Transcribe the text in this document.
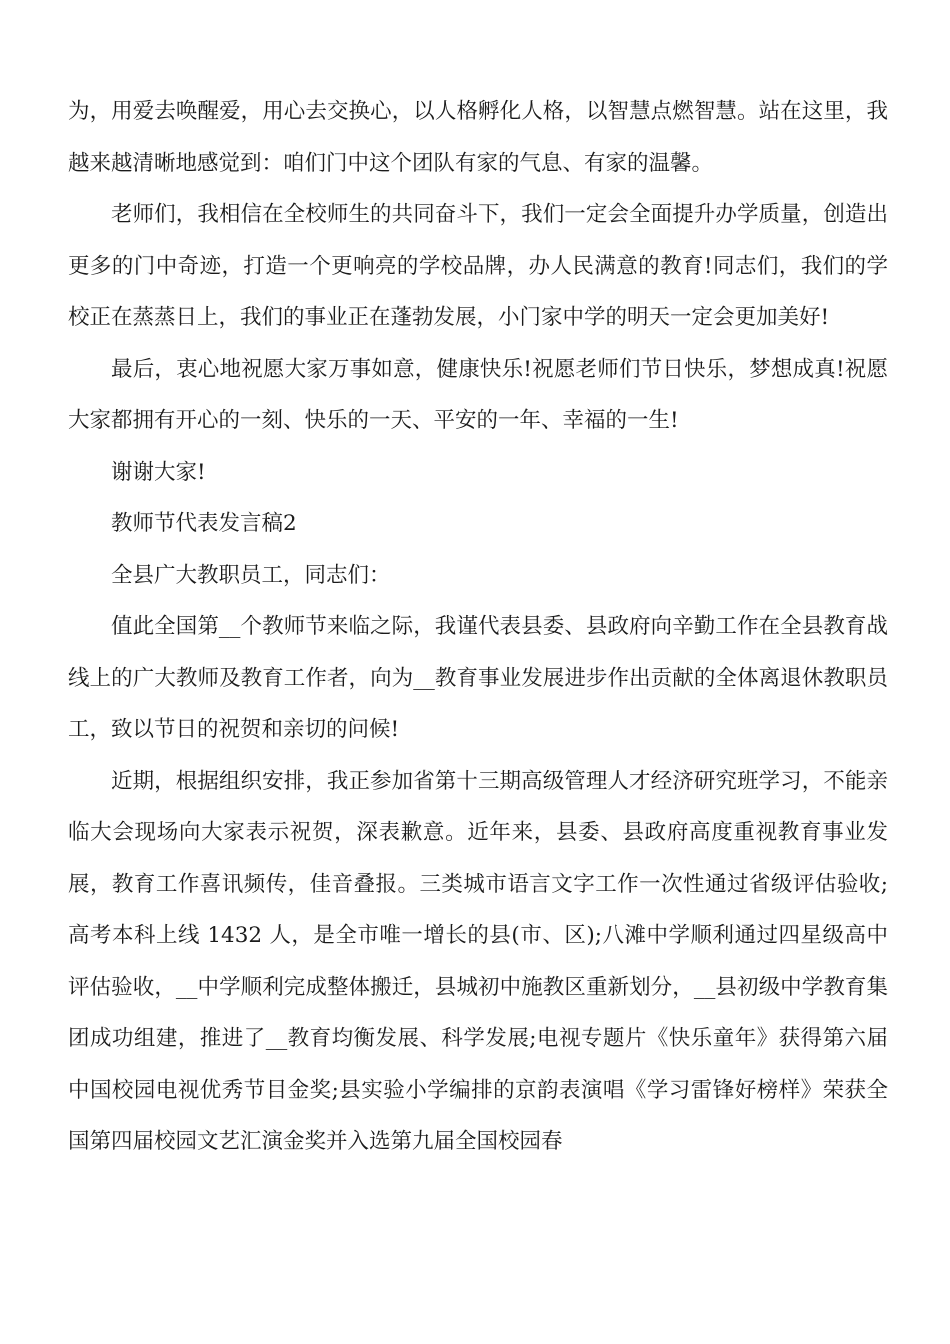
为，用爱去唤醒爱，用心去交换心，以人格孵化人格，以智慧点燃智慧。站在这里，我越来越清晰地感觉到：咱们门中这个团队有家的气息、有家的温馨。

老师们，我相信在全校师生的共同奋斗下，我们一定会全面提升办学质量，创造出更多的门中奇迹，打造一个更响亮的学校品牌，办人民满意的教育!同志们，我们的学校正在蒸蒸日上，我们的事业正在蓬勃发展，小门家中学的明天一定会更加美好!

最后，衷心地祝愿大家万事如意，健康快乐!祝愿老师们节日快乐，梦想成真!祝愿大家都拥有开心的一刻、快乐的一天、平安的一年、幸福的一生!

谢谢大家!

教师节代表发言稿2

全县广大教职员工，同志们：

值此全国第__个教师节来临之际，我谨代表县委、县政府向辛勤工作在全县教育战线上的广大教师及教育工作者，向为__教育事业发展进步作出贡献的全体离退休教职员工，致以节日的祝贺和亲切的问候!

近期，根据组织安排，我正参加省第十三期高级管理人才经济研究班学习，不能亲临大会现场向大家表示祝贺，深表歉意。近年来，县委、县政府高度重视教育事业发展，教育工作喜讯频传，佳音叠报。三类城市语言文字工作一次性通过省级评估验收;高考本科上线 1432 人，是全市唯一增长的县(市、区);八滩中学顺利通过四星级高中评估验收，__中学顺利完成整体搬迁，县城初中施教区重新划分，__县初级中学教育集团成功组建，推进了__教育均衡发展、科学发展;电视专题片《快乐童年》获得第六届中国校园电视优秀节目金奖;县实验小学编排的京韵表演唱《学习雷锋好榜样》荣获全国第四届校园文艺汇演金奖并入选第九届全国校园春
